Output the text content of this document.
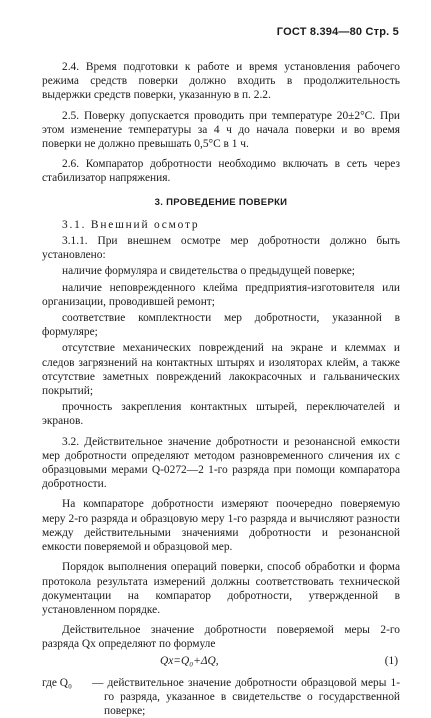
ГОСТ 8.394—80 Стр. 5

2.4. Время подготовки к работе и время установления рабочего режима средств поверки должно входить в продолжительность выдержки средств поверки, указанную в п. 2.2.

2.5. Поверку допускается проводить при температуре 20±2°С. При этом изменение температуры за 4 ч до начала поверки и во время поверки не должно превышать 0,5°С в 1 ч.

2.6. Компаратор добротности необходимо включать в сеть через стабилизатор напряжения.

3. ПРОВЕДЕНИЕ ПОВЕРКИ

3.1. Внешний осмотр

3.1.1. При внешнем осмотре мер добротности должно быть установлено:

наличие формуляра и свидетельства о предыдущей поверке;

наличие неповрежденного клейма предприятия-изготовителя или организации, проводившей ремонт;

соответствие комплектности мер добротности, указанной в формуляре;

отсутствие механических повреждений на экране и клеммах и следов загрязнений на контактных штырях и изоляторах клейм, а также отсутствие заметных повреждений лакокрасочных и гальванических покрытий;

прочность закрепления контактных штырей, переключателей и экранов.

3.2. Действительное значение добротности и резонансной емкости мер добротности определяют методом разновременного сличения их с образцовыми мерами Q-0272—2 1-го разряда при помощи компаратора добротности.

На компараторе добротности измеряют поочередно поверяемую меру 2-го разряда и образцовую меру 1-го разряда и вычисляют разности между действительными значениями добротности и резонансной емкости поверяемой и образцовой мер.

Порядок выполнения операций поверки, способ обработки и форма протокола результата измерений должны соответствовать технической документации на компаратор добротности, утвержденной в установленном порядке.

Действительное значение добротности поверяемой меры 2-го разряда Qx определяют по формуле

Qx=Q₀+ΔQ,	(1)
где Q₀	— действительное значение добротности образцовой меры 1-го разряда, указанное в свидетельстве о государственной поверке;
